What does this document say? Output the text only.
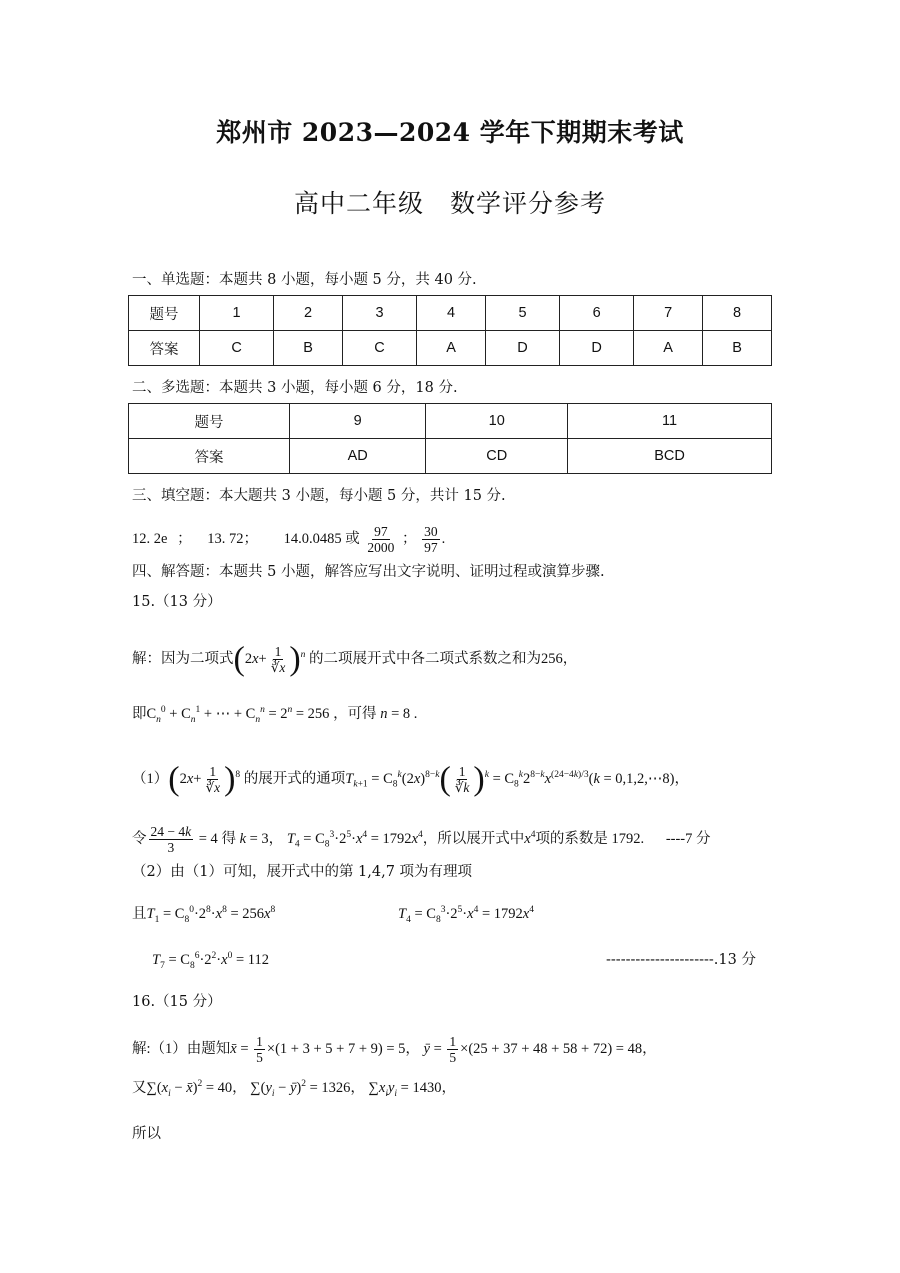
郑州市 2023—2024 学年下期期末考试
高中二年级　数学评分参考
一、单选题：本题共 8 小题，每小题 5 分，共 40 分.
题号	1	2	3	4	5	6	7	8
答案	C	B	C	A	D	D	A	B
二、多选题：本题共 3 小题，每小题 6 分，18 分.
题号	9	10	11
答案	AD	CD	BCD
三、填空题：本大题共 3 小题，每小题 5 分，共计 15 分.
12. 2e ； 13. 72； 14.0.0485 或 $\frac{97}{2000}$ ； $\frac{30}{97}$ .
四、解答题：本题共 5 小题，解答应写出文字说明、证明过程或演算步骤.
15.（13 分）
解：因为二项式$(2x+ \frac{1}{∛x} )^n$ 的二项展开式中各二项式系数之和为256，
即$C_n^0 + C_n^1$ + ⋯ + $C_n^n = 2^n = 256$ ，可得 n = 8 .
$(1)(2x+ \frac{1}{∛x} )^8$ 的展开式的通项$T_{k+1} = C_8^k(2x)^{8-k}( \frac{1}{∛k} )^k = C_8^k2^{8-k}x^{(24-4k)/3}(k$ = 0,1,2,⋯8)，
令 $\frac{24 - 4k}{3} = 4$ 得 k = 3， $T_4 = C_8^3\cdot 2^5\cdot x^4 = 1792x^4$，所以展开式中$x^4$项的系数是 1792. ----7 分
（2）由（1）可知，展开式中的第 1,4,7 项为有理项
且$T_1 = C_8^0\cdot 2^8\cdot x^8 = 256x^8$	$T_4 = C_8^3\cdot 2^5\cdot x^4 = 1792x^4$
$T_7 = C_8^6\cdot 2^2\cdot x^0 = 112$	----------------------.13 分
16.（15 分）
解:（1）由题知x̄ = $\frac{1}{5} \times(1 + 3 + 5 + 7 + 9) = 5$， ȳ = $\frac{1}{5} \times(25 + 37 + 48 + 58 + 72) = 48$，
又$\sum(x_i$ − x̄)$^2$ = 40， $\sum(y_i$ − ȳ)$^2$ = 1326， $\sum x_iy_i = 1430$，
所以
